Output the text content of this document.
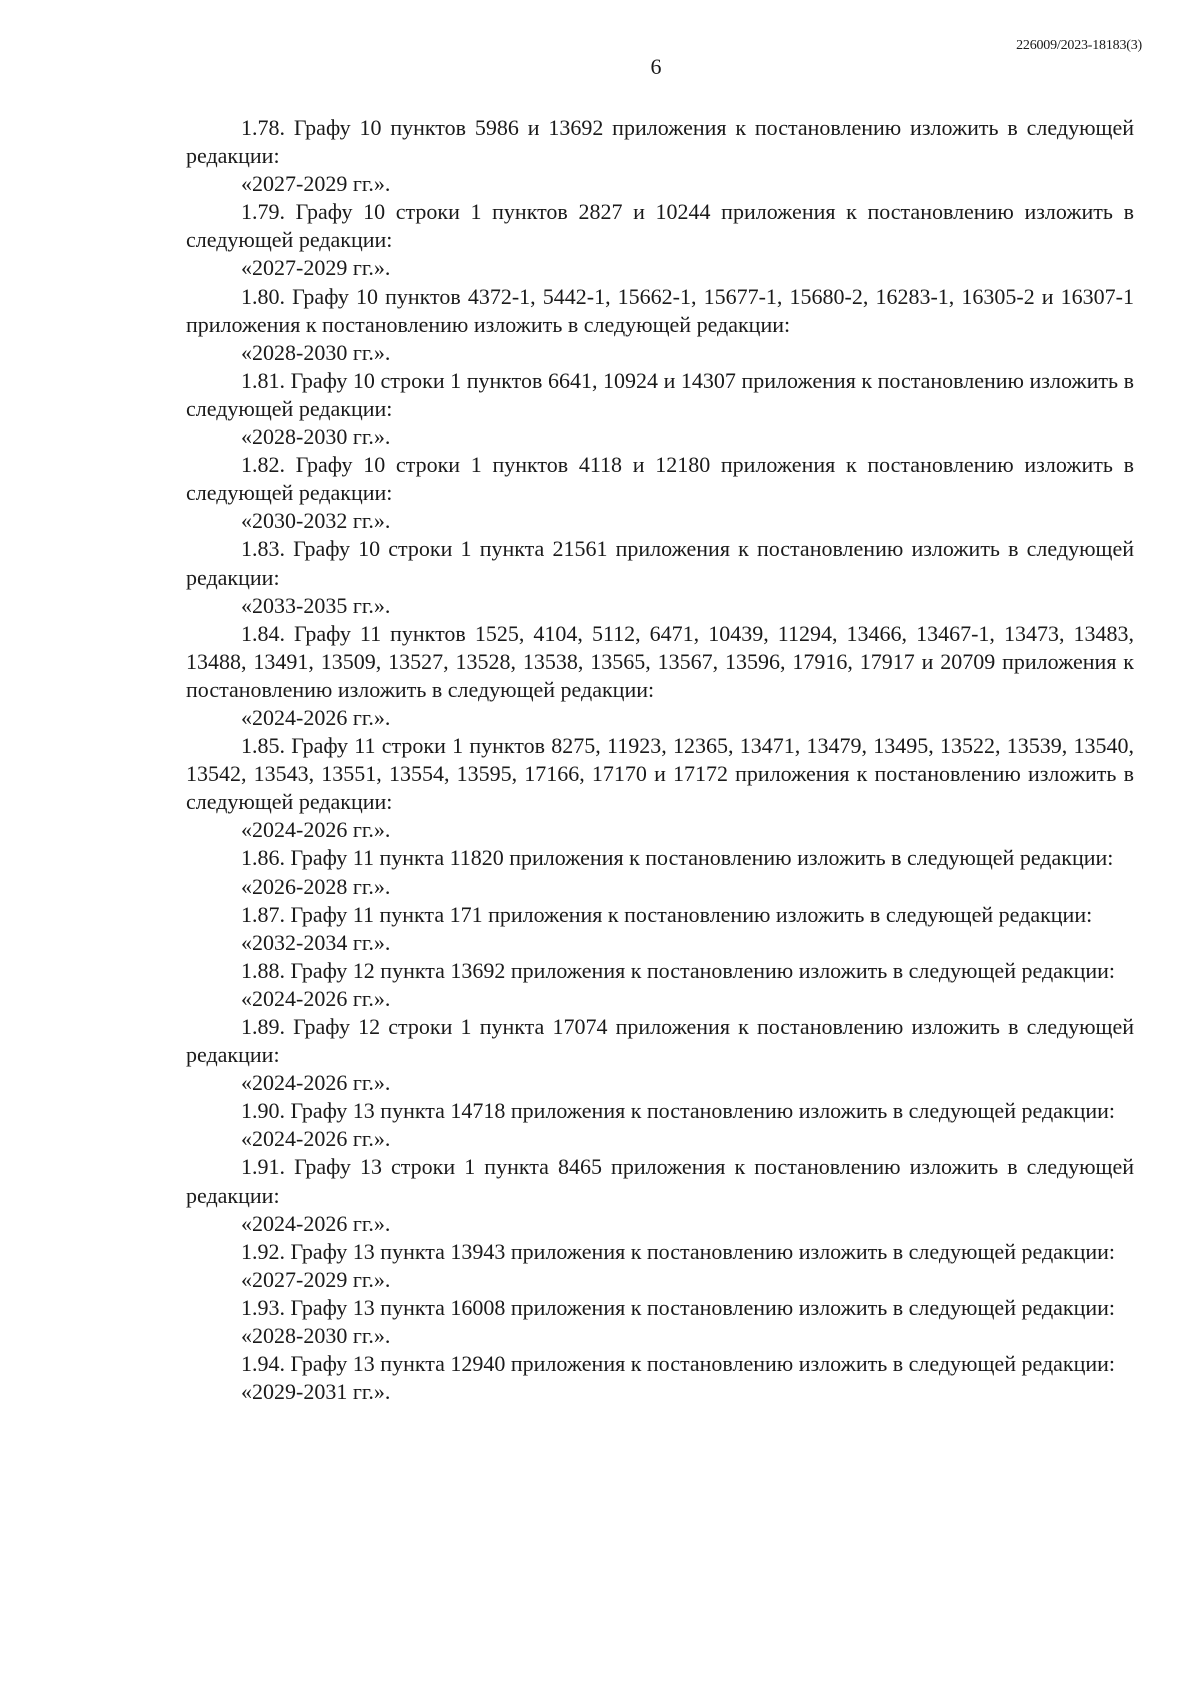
226009/2023-18183(3)
6

1.78. Графу 10 пунктов 5986 и 13692 приложения к постановлению изложить в следующей редакции:

«2027-2029 гг.».

1.79. Графу 10 строки 1 пунктов 2827 и 10244 приложения к постановлению изложить в следующей редакции:

«2027-2029 гг.».

1.80. Графу 10 пунктов 4372-1, 5442-1, 15662-1, 15677-1, 15680-2, 16283-1, 16305-2 и 16307-1 приложения к постановлению изложить в следующей редакции:

«2028-2030 гг.».

1.81. Графу 10 строки 1 пунктов 6641, 10924 и 14307 приложения к постановлению изложить в следующей редакции:

«2028-2030 гг.».

1.82. Графу 10 строки 1 пунктов 4118 и 12180 приложения к постановлению изложить в следующей редакции:

«2030-2032 гг.».

1.83. Графу 10 строки 1 пункта 21561 приложения к постановлению изложить в следующей редакции:

«2033-2035 гг.».

1.84. Графу 11 пунктов 1525, 4104, 5112, 6471, 10439, 11294, 13466, 13467-1, 13473, 13483, 13488, 13491, 13509, 13527, 13528, 13538, 13565, 13567, 13596, 17916, 17917 и 20709 приложения к постановлению изложить в следующей редакции:

«2024-2026 гг.».

1.85. Графу 11 строки 1 пунктов 8275, 11923, 12365, 13471, 13479, 13495, 13522, 13539, 13540, 13542, 13543, 13551, 13554, 13595, 17166, 17170 и 17172 приложения к постановлению изложить в следующей редакции:

«2024-2026 гг.».

1.86. Графу 11 пункта 11820 приложения к постановлению изложить в следующей редакции:

«2026-2028 гг.».

1.87. Графу 11 пункта 171 приложения к постановлению изложить в следующей редакции:

«2032-2034 гг.».

1.88. Графу 12 пункта 13692 приложения к постановлению изложить в следующей редакции:

«2024-2026 гг.».

1.89. Графу 12 строки 1 пункта 17074 приложения к постановлению изложить в следующей редакции:

«2024-2026 гг.».

1.90. Графу 13 пункта 14718 приложения к постановлению изложить в следующей редакции:

«2024-2026 гг.».

1.91. Графу 13 строки 1 пункта 8465 приложения к постановлению изложить в следующей редакции:

«2024-2026 гг.».

1.92. Графу 13 пункта 13943 приложения к постановлению изложить в следующей редакции:

«2027-2029 гг.».

1.93. Графу 13 пункта 16008 приложения к постановлению изложить в следующей редакции:

«2028-2030 гг.».

1.94. Графу 13 пункта 12940 приложения к постановлению изложить в следующей редакции:

«2029-2031 гг.».
